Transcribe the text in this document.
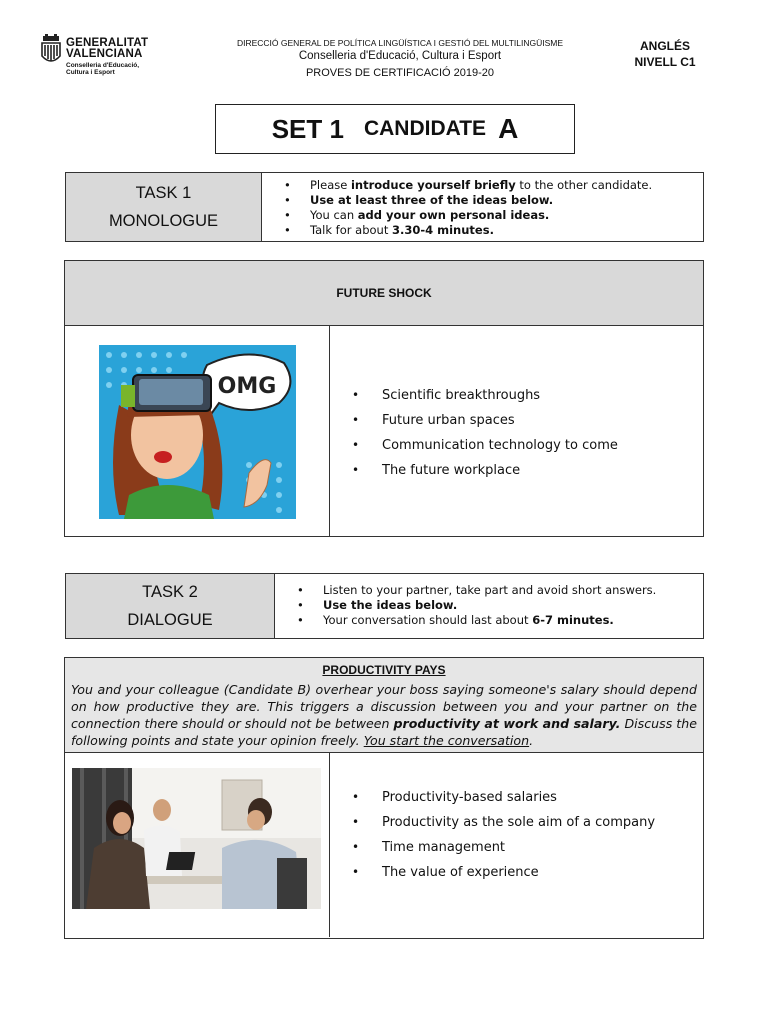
GENERALITAT
VALENCIANA
Conselleria d'Educació,
Cultura i Esport
DIRECCIÓ GENERAL DE POLÍTICA LINGÜÍSTICA I GESTIÓ DEL MULTILINGÜISME
Conselleria d'Educació, Cultura i Esport
PROVES DE CERTIFICACIÓ 2019-20
ANGLÉS
NIVELL C1
SET 1 CANDIDATE A
TASK 1
MONOLOGUE
• Please introduce yourself briefly to the other candidate.
• Use at least three of the ideas below.
• You can add your own personal ideas.
• Talk for about 3.30-4 minutes.
FUTURE SHOCK
OMG
•	Scientific breakthroughs
• Future urban spaces
• Communication technology to come
• The future workplace
TASK 2
DIALOGUE
• Listen to your partner, take part and avoid short answers.
• Use the ideas below.
• Your conversation should last about 6-7 minutes.
PRODUCTIVITY PAYS
You and your colleague (Candidate B) overhear your boss saying someone's salary should depend on how productive they are. This triggers a discussion between you and your partner on the connection there should or should not be between productivity at work and salary. Discuss the following points and state your opinion freely. You start the conversation.
• Productivity-based salaries
• Productivity as the sole aim of a company
• Time management
• The value of experience
